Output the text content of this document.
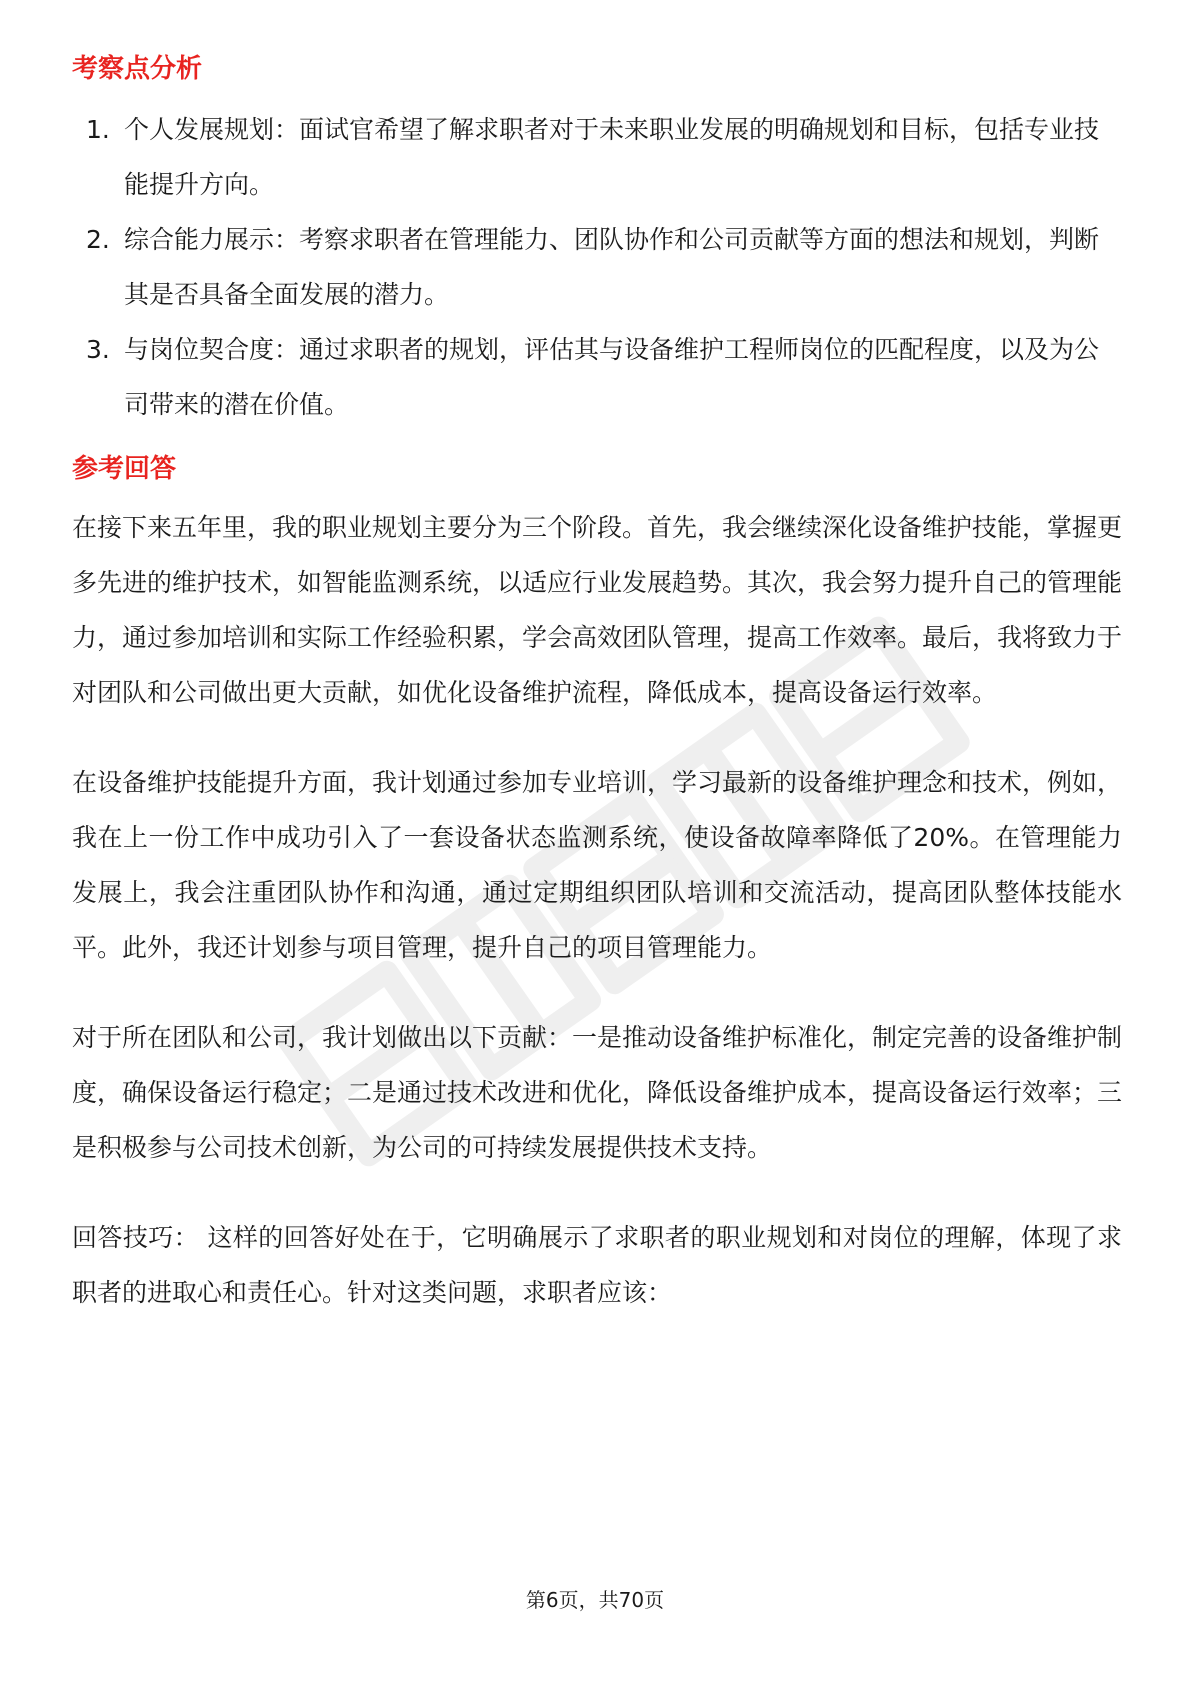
考察点分析
1. 个人发展规划：面试官希望了解求职者对于未来职业发展的明确规划和目标，包括专业技能提升方向。
2. 综合能力展示：考察求职者在管理能力、团队协作和公司贡献等方面的想法和规划，判断其是否具备全面发展的潜力。
3. 与岗位契合度：通过求职者的规划，评估其与设备维护工程师岗位的匹配程度，以及为公司带来的潜在价值。
参考回答

在接下来五年里，我的职业规划主要分为三个阶段。首先，我会继续深化设备维护技能，掌握更多先进的维护技术，如智能监测系统，以适应行业发展趋势。其次，我会努力提升自己的管理能力，通过参加培训和实际工作经验积累，学会高效团队管理，提高工作效率。最后，我将致力于对团队和公司做出更大贡献，如优化设备维护流程，降低成本，提高设备运行效率。

在设备维护技能提升方面，我计划通过参加专业培训，学习最新的设备维护理念和技术，例如，我在上一份工作中成功引入了一套设备状态监测系统，使设备故障率降低了20%。在管理能力发展上，我会注重团队协作和沟通，通过定期组织团队培训和交流活动，提高团队整体技能水平。此外，我还计划参与项目管理，提升自己的项目管理能力。

对于所在团队和公司，我计划做出以下贡献：一是推动设备维护标准化，制定完善的设备维护制度，确保设备运行稳定；二是通过技术改进和优化，降低设备维护成本，提高设备运行效率；三是积极参与公司技术创新，为公司的可持续发展提供技术支持。

回答技巧： 这样的回答好处在于，它明确展示了求职者的职业规划和对岗位的理解，体现了求职者的进取心和责任心。针对这类问题，求职者应该：

第6页，共70页
